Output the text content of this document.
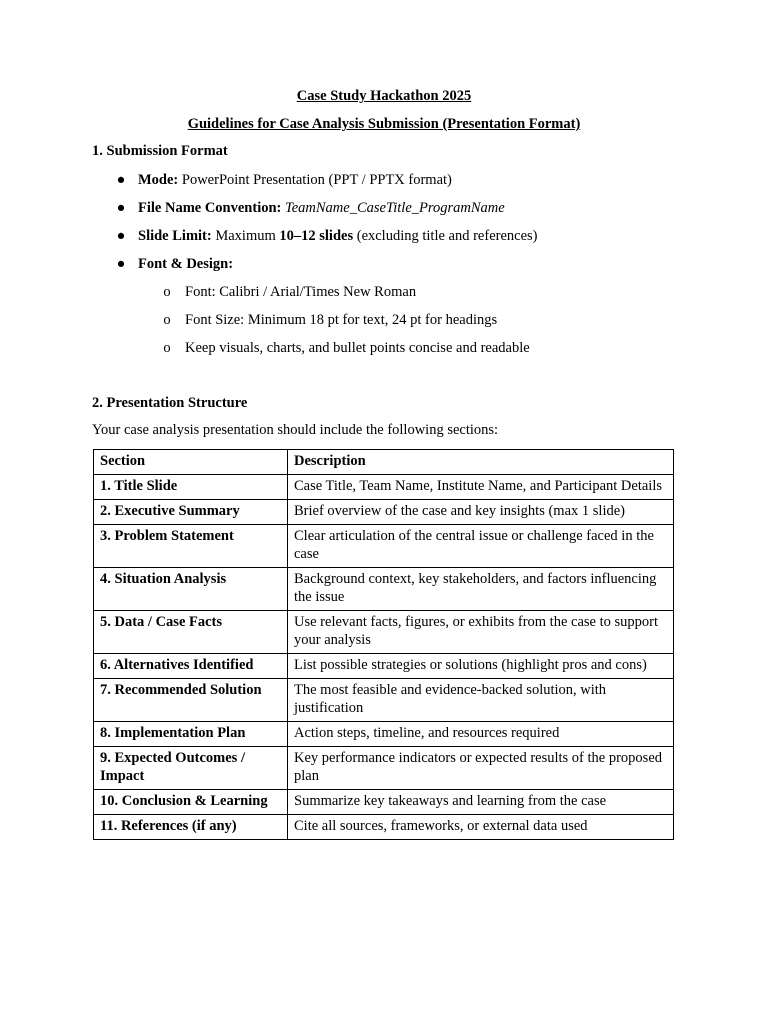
Case Study Hackathon 2025
Guidelines for Case Analysis Submission (Presentation Format)
1. Submission Format
● Mode: PowerPoint Presentation (PPT / PPTX format)
● File Name Convention: TeamName_CaseTitle_ProgramName
● Slide Limit: Maximum 10–12 slides (excluding title and references)
● Font & Design:
o Font: Calibri / Arial/Times New Roman
o Font Size: Minimum 18 pt for text, 24 pt for headings
o Keep visuals, charts, and bullet points concise and readable
2. Presentation Structure
Your case analysis presentation should include the following sections:
Section	Description
1. Title Slide	Case Title, Team Name, Institute Name, and Participant Details
2. Executive Summary	Brief overview of the case and key insights (max 1 slide)
3. Problem Statement	Clear articulation of the central issue or challenge faced in the case
4. Situation Analysis	Background context, key stakeholders, and factors influencing the issue
5. Data / Case Facts	Use relevant facts, figures, or exhibits from the case to support your analysis
6. Alternatives Identified	List possible strategies or solutions (highlight pros and cons)
7. Recommended Solution	The most feasible and evidence-backed solution, with justification
8. Implementation Plan	Action steps, timeline, and resources required
9. Expected Outcomes / Impact	Key performance indicators or expected results of the proposed plan
10. Conclusion & Learning	Summarize key takeaways and learning from the case
11. References (if any)	Cite all sources, frameworks, or external data used
